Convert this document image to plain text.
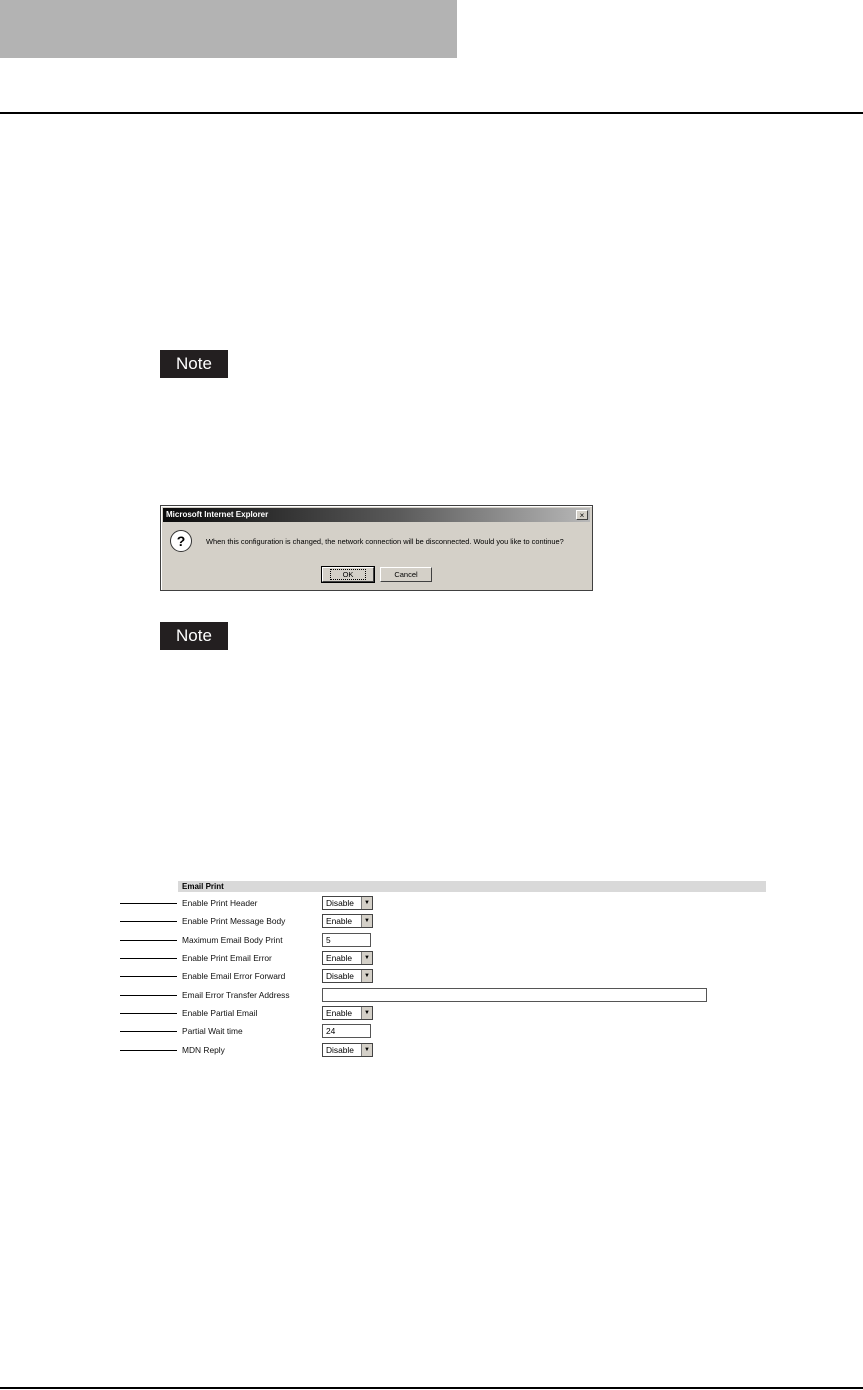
Note
Microsoft Internet Explorer	×
?	When this configuration is changed, the network connection will be disconnected. Would you like to continue?
OK	Cancel
Note
Email Print
Enable Print Header	Disable	▼
Enable Print Message Body	Enable	▼
Maximum Email Body Print	5
Enable Print Email Error	Enable	▼
Enable Email Error Forward	Disable	▼
Email Error Transfer Address
Enable Partial Email	Enable	▼
Partial Wait time	24
MDN Reply	Disable	▼
